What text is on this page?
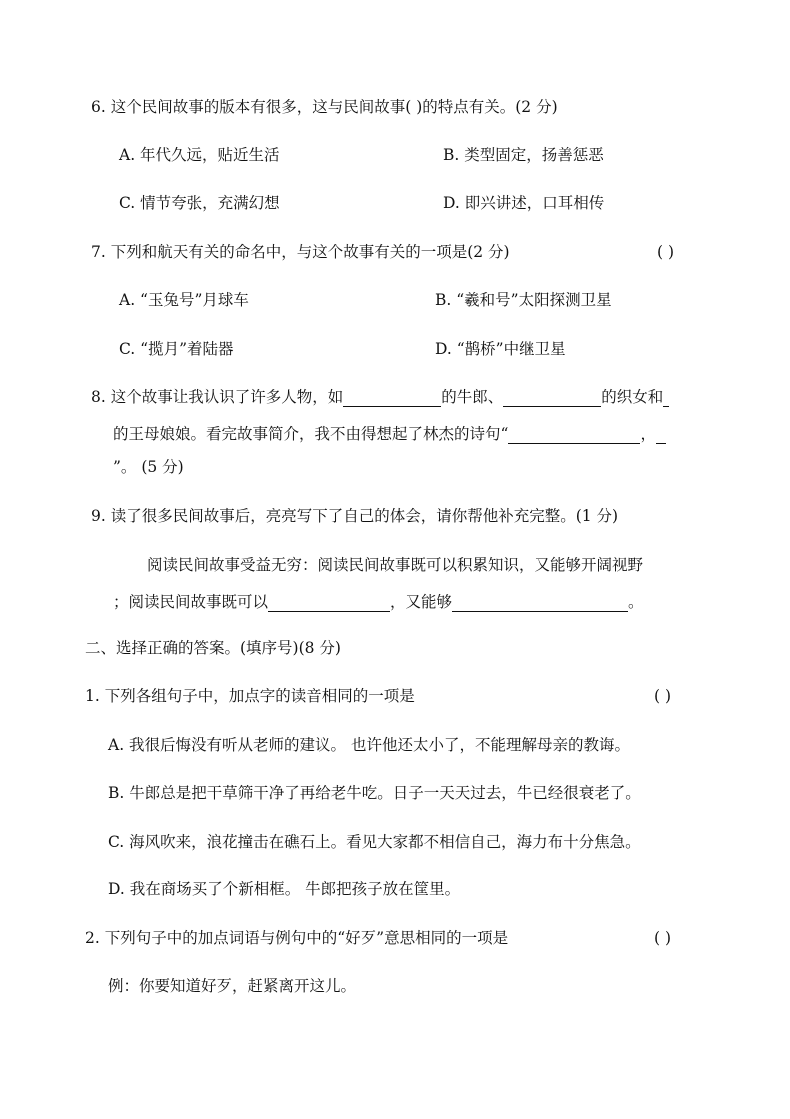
6. 这个民间故事的版本有很多，这与民间故事( )的特点有关。(2 分)
A. 年代久远，贴近生活	B. 类型固定，扬善惩恶
C. 情节夸张，充满幻想	D. 即兴讲述，口耳相传
7. 下列和航天有关的命名中，与这个故事有关的一项是(2 分)	( )
A. “玉兔号”月球车	B. “羲和号”太阳探测卫星
C. “揽月”着陆器	D. “鹊桥”中继卫星
8. 这个故事让我认识了许多人物，如	的牛郎、	的织女和
的王母娘娘。看完故事简介，我不由得想起了林杰的诗句“	，
”。 (5 分)
9. 读了很多民间故事后，亮亮写下了自己的体会，请你帮他补充完整。(1 分)
阅读民间故事受益无穷：阅读民间故事既可以积累知识，又能够开阔视野
；阅读民间故事既可以	，又能够	。
二、选择正确的答案。(填序号)(8 分)
1. 下列各组句子中，加点字的读音相同的一项是	( )
A. 我很后悔没有听从老师的建议。 也许他还太小了，不能理解母亲的教诲。
B. 牛郎总是把干草筛干净了再给老牛吃。日子一天天过去，牛已经很衰老了。
C. 海风吹来，浪花撞击在礁石上。看见大家都不相信自己，海力布十分焦急。
D. 我在商场买了个新相框。 牛郎把孩子放在筐里。
2. 下列句子中的加点词语与例句中的“好歹”意思相同的一项是	( )
例：你要知道好歹，赶紧离开这儿。
